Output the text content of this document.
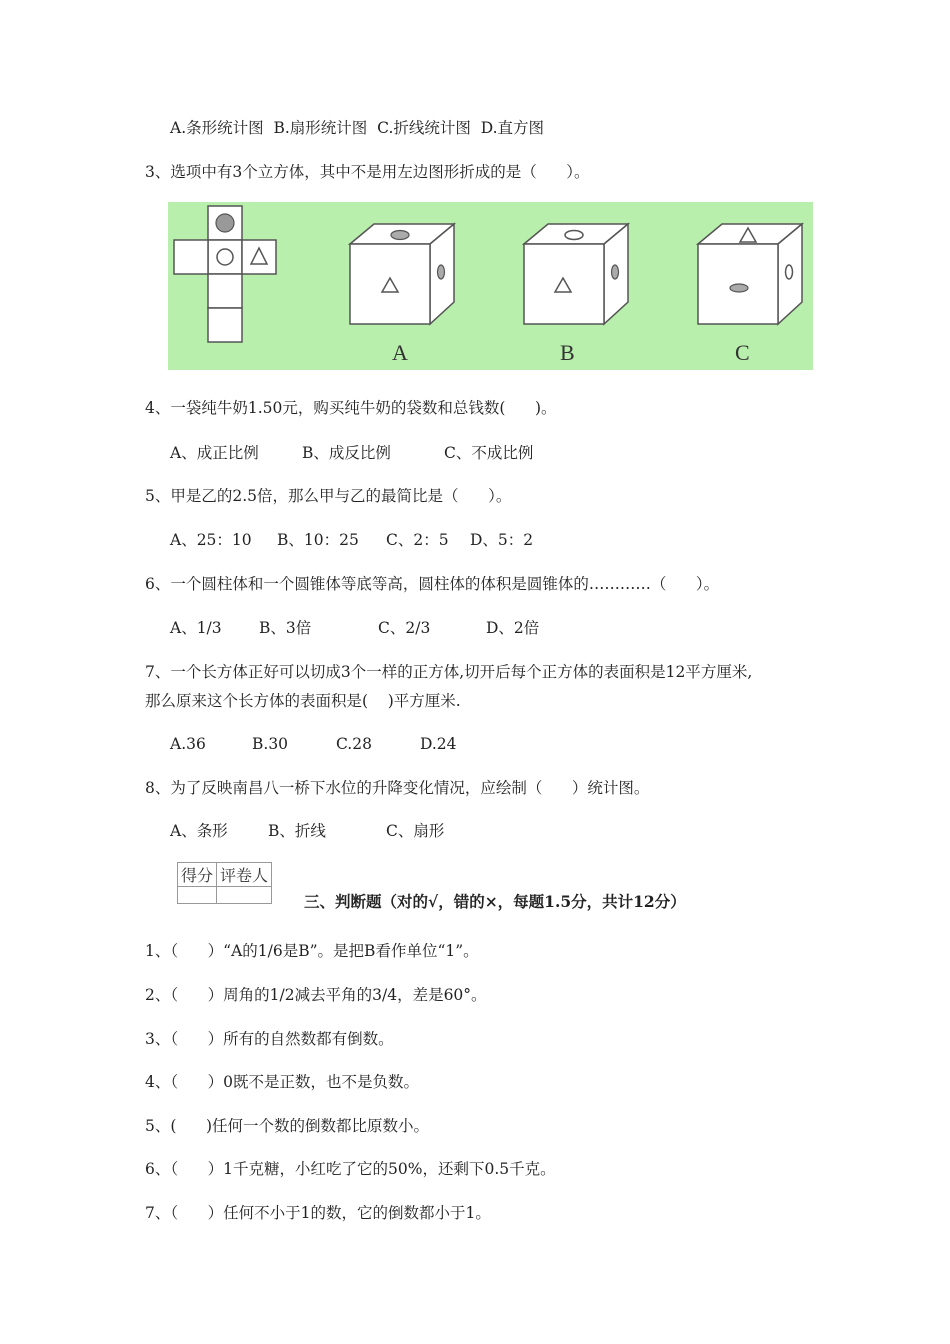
A.条形统计图  B.扇形统计图  C.折线统计图  D.直方图
3、选项中有3个立方体，其中不是用左边图形折成的是（      ）。
A	B	C
4、一袋纯牛奶1.50元，购买纯牛奶的袋数和总钱数(      )。
A、成正比例	B、成反比例	C、不成比例
5、甲是乙的2.5倍，那么甲与乙的最简比是（      ）。
A、25：10 B、10：25 C、2：5 D、5：2
6、一个圆柱体和一个圆锥体等底等高，圆柱体的体积是圆锥体的…………（      ）。
A、1/3 B、3倍	C、2/3	D、2倍
7、一个长方体正好可以切成3个一样的正方体,切开后每个正方体的表面积是12平方厘米,
那么原来这个长方体的表面积是(    )平方厘米.
A.36	B.30	C.28	D.24
8、为了反映南昌八一桥下水位的升降变化情况，应绘制（      ）统计图。
A、条形	B、折线	C、扇形
得分	评卷人

三、判断题（对的√，错的×，每题1.5分，共计12分）
1、（      ）“A的1/6是B”。是把B看作单位“1”。
2、（      ）周角的1/2减去平角的3/4，差是60°。
3、（      ）所有的自然数都有倒数。
4、（      ）0既不是正数，也不是负数。
5、(      )任何一个数的倒数都比原数小。
6、（      ）1千克糖，小红吃了它的50%，还剩下0.5千克。
7、（      ）任何不小于1的数，它的倒数都小于1。
